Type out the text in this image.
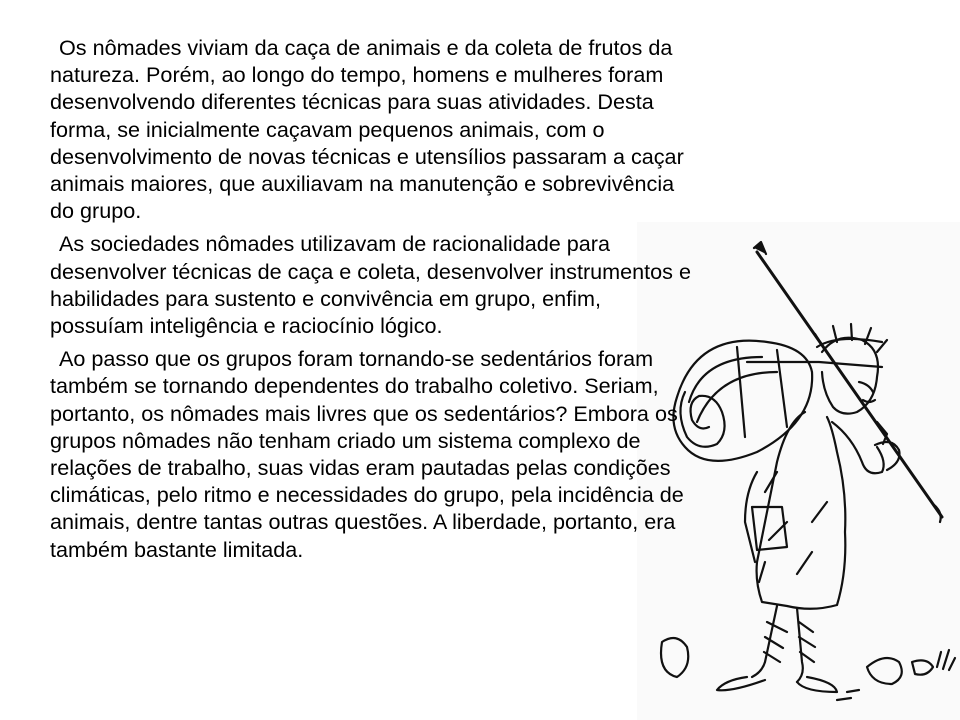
Os nômades viviam da caça de animais e da coleta de frutos da natureza. Porém, ao longo do tempo, homens e mulheres foram desenvolvendo diferentes técnicas para suas atividades. Desta forma, se inicialmente caçavam pequenos animais, com o desenvolvimento de novas técnicas e utensílios passaram a caçar animais maiores, que auxiliavam na manutenção e sobrevivência do grupo.

As sociedades nômades utilizavam de racionalidade para desenvolver técnicas de caça e coleta, desenvolver instrumentos e habilidades para sustento e convivência em grupo, enfim, possuíam inteligência e raciocínio lógico.

Ao passo que os grupos foram tornando-se sedentários foram também se tornando dependentes do trabalho coletivo. Seriam, portanto, os nômades mais livres que os sedentários? Embora os grupos nômades não tenham criado um sistema complexo de relações de trabalho, suas vidas eram pautadas pelas condições climáticas, pelo ritmo e necessidades do grupo, pela incidência de animais, dentre tantas outras questões. A liberdade, portanto, era também bastante limitada.
